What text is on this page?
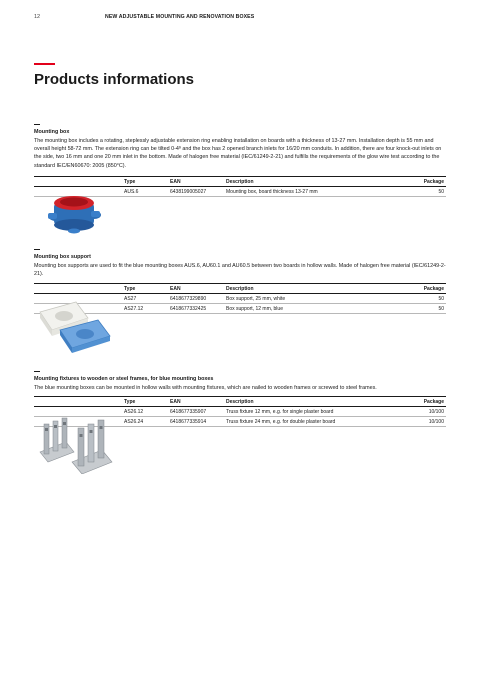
12	NEW ADJUSTABLE MOUNTING AND RENOVATION BOXES
Products informations
Mounting box

The mounting box includes a rotating, steplessly adjustable extension ring enabling installation on boards with a thickness of 13-27 mm. Installation depth is 55 mm and overall height 58-72 mm. The extension ring can be tilted 0-4º and the box has 2 opened branch inlets for 16/20 mm conduits. In addition, there are four knock-out inlets on the side, two 16 mm and one 20 mm inlet in the bottom. Made of halogen free material (IEC/61249-2-21) and fulfills the requirements of the glow wire test according to the standard IEC/EN60670: 2005 (850°C).

	Type	EAN	Description	Package
	AUS.6	6438199005027	Mounting box, board thickness 13-27 mm	50
Mounting box support

Mounting box supports are used to fit the blue mounting boxes AUS.6, AU60.1 and AU60.5 between two boards in hollow walls. Made of halogen free material (IEC/61249-2-21).

	Type	EAN	Description	Package
	AS27	6418677329890	Box support, 25 mm, white	50
	AS27.12	6418677332425	Box support, 12 mm, blue	50
Mounting fixtures to wooden or steel frames, for blue mounting boxes

The blue mounting boxes can be mounted in hollow walls with mounting fixtures, which are nailed to wooden frames or screwed to steel frames.

	Type	EAN	Description	Package
	AS26.12	6418677335907	Truss fixture 12 mm, e.g. for single plaster board	10/100
	AS26.24	6418677335914	Truss fixture 24 mm, e.g. for double plaster board	10/100
